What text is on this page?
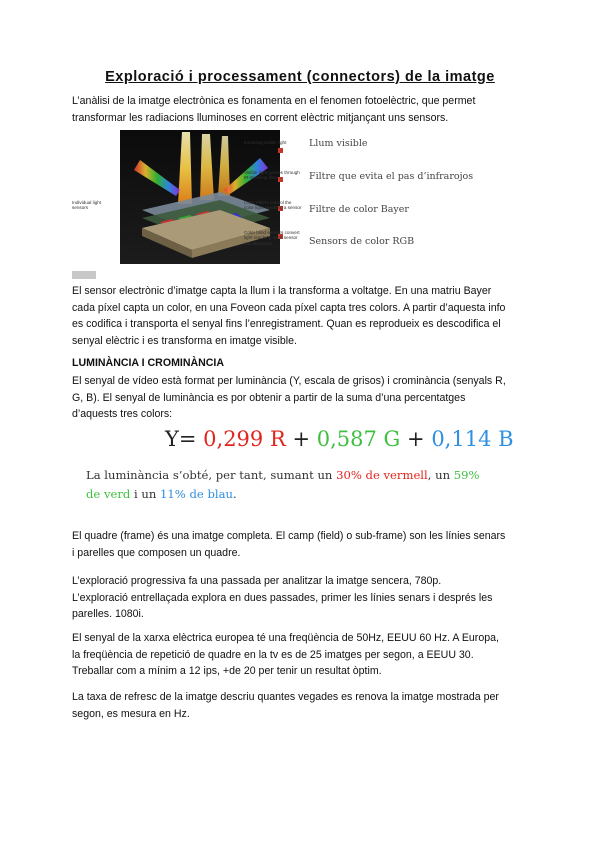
Exploració i processament (connectors) de la imatge

L’anàlisi de la imatge electrònica es fonamenta en el fenomen fotoelèctric, que permet
transformar les radiacions lluminoses en corrent elèctric mitjançant uns sensors.

Incoming visible light
Visible light passes through IR-Blocking filter
Color Filters control the color light reaching a sensor
Color blind sensors convert light reaching each sensor into electricity
Individual light sensors
Llum visible
Filtre que evita el pas d’infrarojos
Filtre de color Bayer
Sensors de color RGB

El sensor electrònic d’imatge capta la llum i la transforma a voltatge. En una matriu Bayer
cada píxel capta un color, en una Foveon cada píxel capta tres colors. A partir d’aquesta info
es codifica i transporta el senyal fins l’enregistrament. Quan es reprodueix es descodifica el
senyal elèctric i es transforma en imatge visible.

LUMINÀNCIA I CROMINÀNCIA

El senyal de vídeo està format per luminància (Y, escala de grisos) i crominància (senyals R,
G, B). El senyal de luminància es por obtenir a partir de la suma d’una percentatges
d’aquests tres colors:

Y= 0,299 R + 0,587 G + 0,114 B

La luminància s’obté, per tant, sumant un 30% de vermell, un 59% de verd i un 11% de blau.

El quadre (frame) és una imatge completa. El camp (field) o sub-frame) son les línies senars
i parelles que composen un quadre.

L’exploració progressiva fa una passada per analitzar la imatge sencera, 780p.
L’exploració entrellaçada explora en dues passades, primer les línies senars i després les
parelles. 1080i.

El senyal de la xarxa elèctrica europea té una freqüència de 50Hz, EEUU 60 Hz. A Europa,
la freqüència de repetició de quadre en la tv es de 25 imatges per segon, a EEUU 30.
Treballar com a mínim a 12 ips, +de 20 per tenir un resultat òptim.

La taxa de refresc de la imatge descriu quantes vegades es renova la imatge mostrada per
segon, es mesura en Hz.
